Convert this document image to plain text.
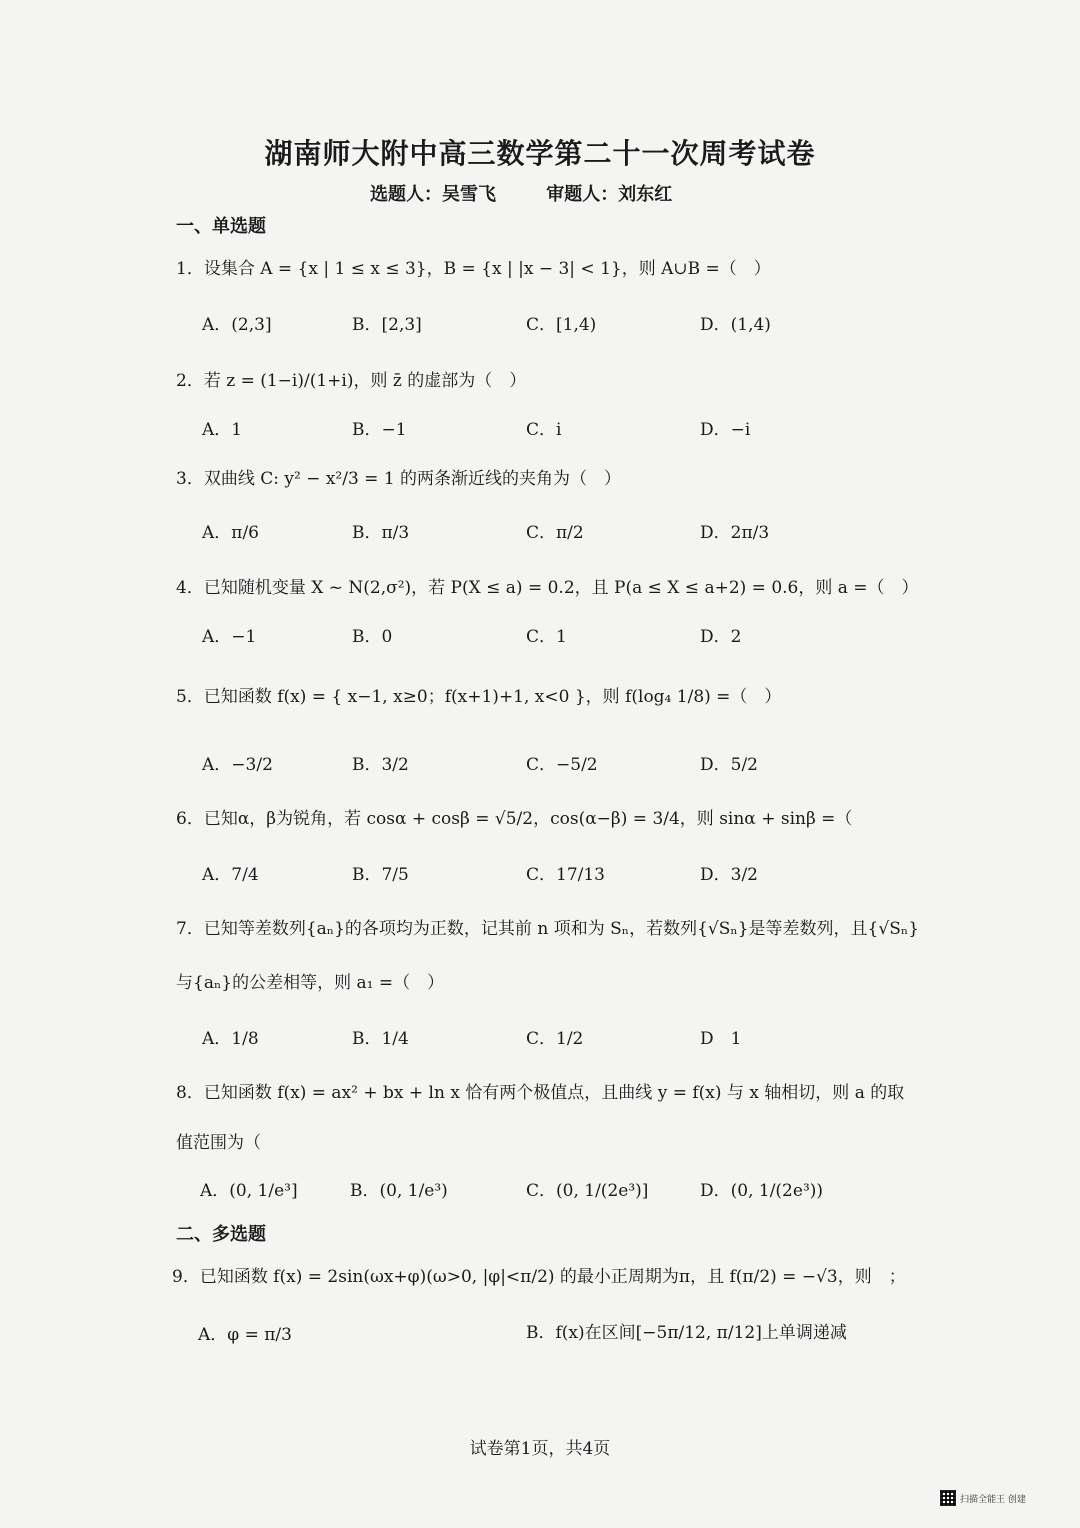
湖南师大附中高三数学第二十一次周考试卷
选题人：吴雪飞	审题人：刘东红
一、单选题
1．设集合 A = {x | 1 ≤ x ≤ 3}，B = {x | |x − 3| < 1}，则 A∪B =（　）
A．(2,3]	B．[2,3]	C．[1,4)	D．(1,4)
2．若 z = (1−i)/(1+i)，则 z̄ 的虚部为（　）
A．1	B．−1	C．i	D．−i
3．双曲线 C: y² − x²/3 = 1 的两条渐近线的夹角为（　）
A．π/6	B．π/3	C．π/2	D．2π/3
4．已知随机变量 X ~ N(2,σ²)，若 P(X ≤ a) = 0.2，且 P(a ≤ X ≤ a+2) = 0.6，则 a =（　）
A．−1	B．0	C．1	D．2
5．已知函数 f(x) = { x−1, x≥0；f(x+1)+1, x<0 }，则 f(log₄ 1/8) =（　）
A．−3/2	B．3/2	C．−5/2	D．5/2
6．已知α，β为锐角，若 cosα + cosβ = √5/2，cos(α−β) = 3/4，则 sinα + sinβ =（
A．7/4	B．7/5	C．17/13	D．3/2
7．已知等差数列{aₙ}的各项均为正数，记其前 n 项和为 Sₙ，若数列{√Sₙ}是等差数列，且{√Sₙ}
与{aₙ}的公差相等，则 a₁ =（　）
A．1/8	B．1/4	C．1/2	D　1
8．已知函数 f(x) = ax² + bx + ln x 恰有两个极值点，且曲线 y = f(x) 与 x 轴相切，则 a 的取
值范围为（
A．(0, 1/e³]	B．(0, 1/e³)	C．(0, 1/(2e³)]	D．(0, 1/(2e³))
二、多选题
9．已知函数 f(x) = 2sin(ωx+φ)(ω>0, |φ|<π/2) 的最小正周期为π，且 f(π/2) = −√3，则　；
A．φ = π/3	B．f(x)在区间[−5π/12, π/12]上单调递减
试卷第1页，共4页
扫描全能王 创建
